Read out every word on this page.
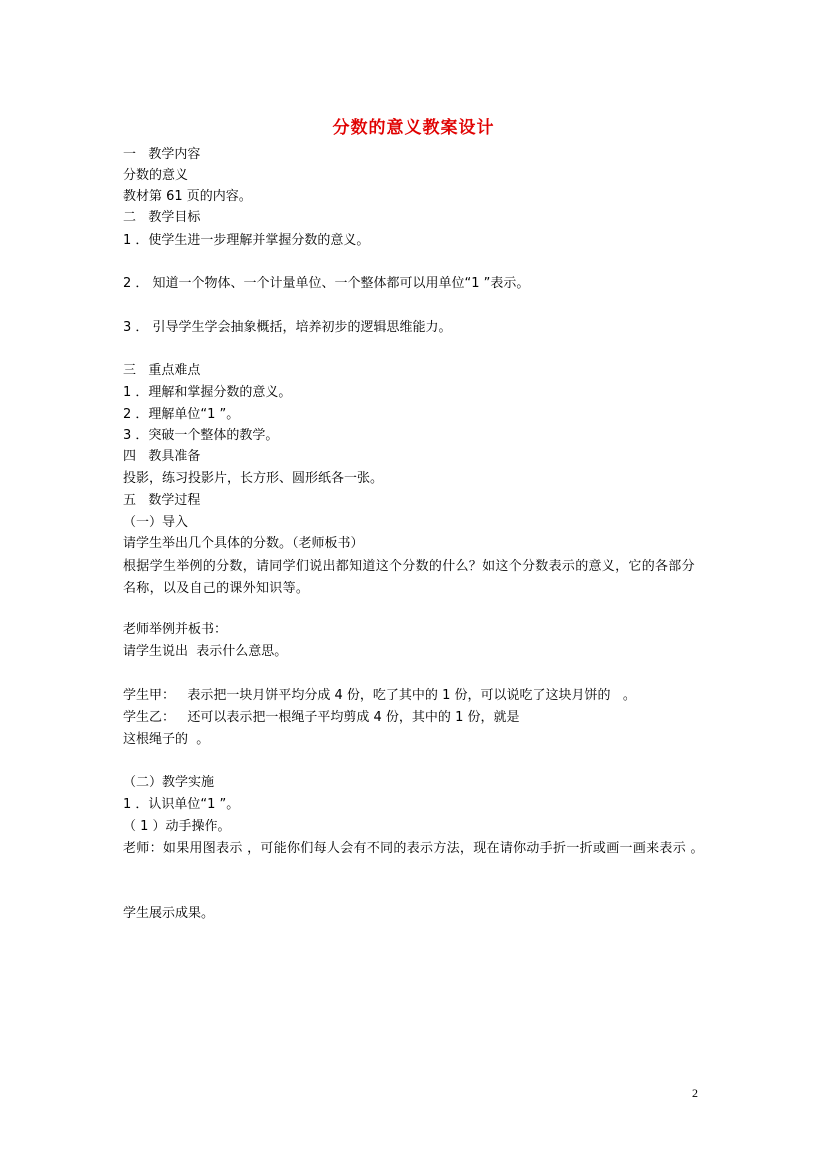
分数的意义教案设计
一   教学内容
分数的意义
教材第 61 页的内容。
二   教学目标
1 ．使学生进一步理解并掌握分数的意义。
2 ． 知道一个物体、一个计量单位、一个整体都可以用单位“1 ”表示。
3 ． 引导学生学会抽象概括，培养初步的逻辑思维能力。
三   重点难点
1 ．理解和掌握分数的意义。
2 ．理解单位“1 ”。
3 ．突破一个整体的教学。
四   教具准备
投影，练习投影片，长方形、圆形纸各一张。
五   数学过程
（一）导入
请学生举出几个具体的分数。（老师板书）
根据学生举例的分数，请同学们说出都知道这个分数的什么？如这个分数表示的意义，它的各部分名称，以及自己的课外知识等。
老师举例并板书：
请学生说出  表示什么意思。
学生甲：   表示把一块月饼平均分成 4 份，吃了其中的 1 份，可以说吃了这块月饼的   。
学生乙：   还可以表示把一根绳子平均剪成 4 份，其中的 1 份，就是
这根绳子的  。
（二）教学实施
1 ．认识单位“1 ”。
（ 1 ）动手操作。
老师：如果用图表示 ，可能你们每人会有不同的表示方法，现在请你动手折一折或画一画来表示 。
学生展示成果。
2
